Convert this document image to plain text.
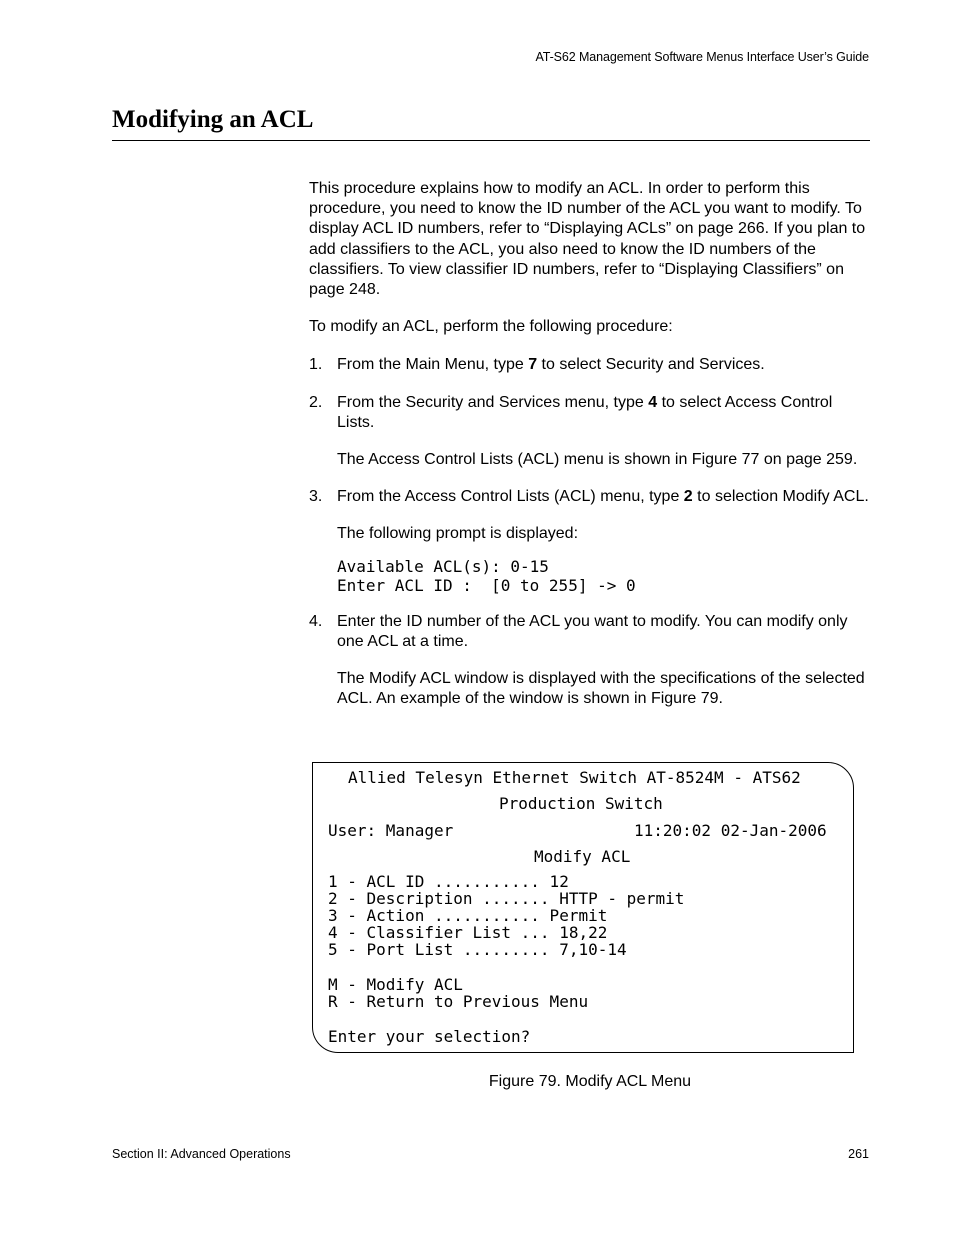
AT-S62 Management Software Menus Interface User’s Guide
Modifying an ACL

This procedure explains how to modify an ACL. In order to perform this procedure, you need to know the ID number of the ACL you want to modify. To display ACL ID numbers, refer to “Displaying ACLs” on page 266. If you plan to add classifiers to the ACL, you also need to know the ID numbers of the classifiers. To view classifier ID numbers, refer to “Displaying Classifiers” on page 248.

To modify an ACL, perform the following procedure:

1. From the Main Menu, type 7 to select Security and Services.
2. From the Security and Services menu, type 4 to select Access Control Lists.
The Access Control Lists (ACL) menu is shown in Figure 77 on page 259.
3. From the Access Control Lists (ACL) menu, type 2 to selection Modify ACL.
The following prompt is displayed:
Available ACL(s): 0-15
Enter ACL ID :  [0 to 255] -> 0
4. Enter the ID number of the ACL you want to modify. You can modify only one ACL at a time.
The Modify ACL window is displayed with the specifications of the selected ACL. An example of the window is shown in Figure 79.
Allied Telesyn Ethernet Switch AT-8524M - ATS62
Production Switch
User: Manager	11:20:02 02-Jan-2006
Modify ACL
1 - ACL ID ........... 12
2 - Description ....... HTTP - permit
3 - Action ........... Permit
4 - Classifier List ... 18,22
5 - Port List ......... 7,10-14
M - Modify ACL
R - Return to Previous Menu
Enter your selection?
Figure 79. Modify ACL Menu
Section II: Advanced Operations	261
